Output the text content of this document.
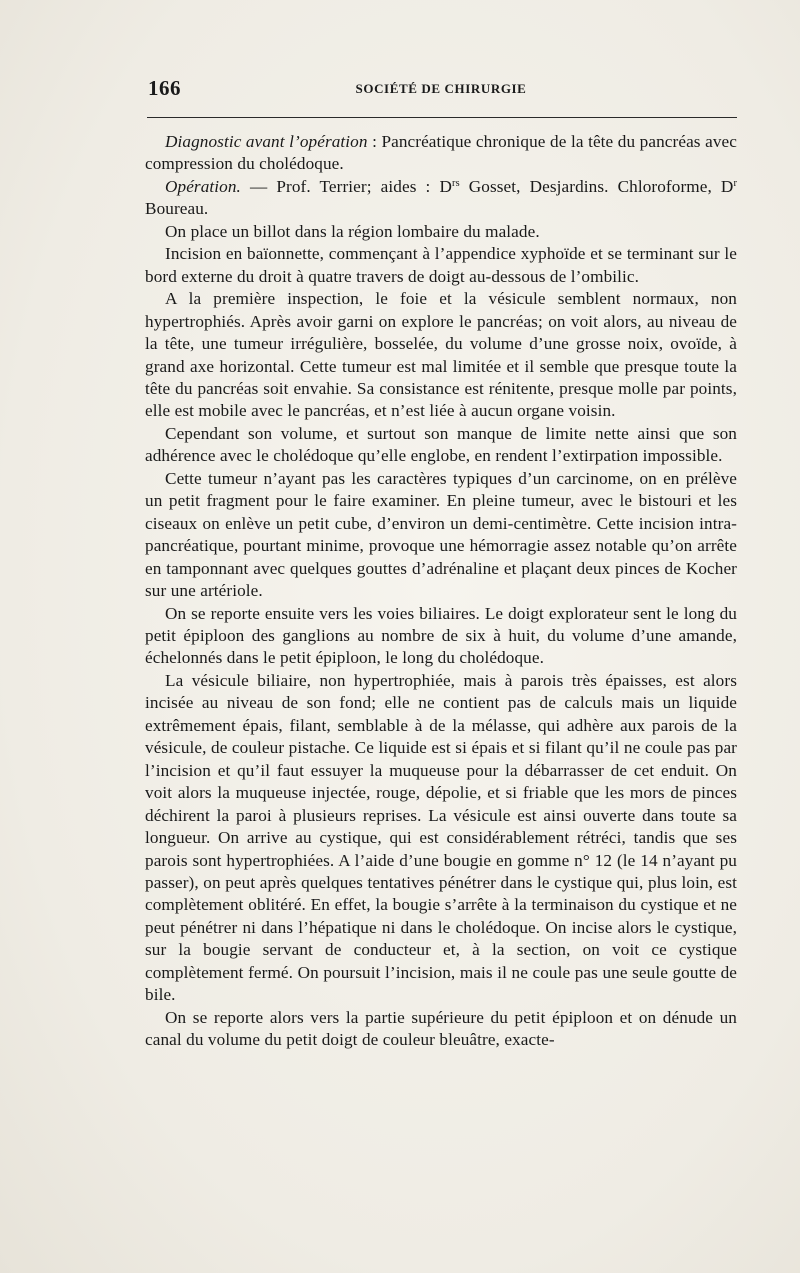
166	SOCIÉTÉ DE CHIRURGIE

Diagnostic avant l’opération : Pancréatique chronique de la tête du pancréas avec compression du cholédoque.

Opération. — Prof. Terrier; aides : $D^{rs}$ Gosset, Desjardins. Chloroforme, $D^r$ Boureau.

On place un billot dans la région lombaire du malade.

Incision en baïonnette, commençant à l’appendice xyphoïde et se terminant sur le bord externe du droit à quatre travers de doigt au-dessous de l’ombilic.

A la première inspection, le foie et la vésicule semblent normaux, non hypertrophiés. Après avoir garni on explore le pancréas; on voit alors, au niveau de la tête, une tumeur irrégulière, bosselée, du volume d’une grosse noix, ovoïde, à grand axe horizontal. Cette tumeur est mal limitée et il semble que presque toute la tête du pancréas soit envahie. Sa consistance est rénitente, presque molle par points, elle est mobile avec le pancréas, et n’est liée à aucun organe voisin.

Cependant son volume, et surtout son manque de limite nette ainsi que son adhérence avec le cholédoque qu’elle englobe, en rendent l’extirpation impossible.

Cette tumeur n’ayant pas les caractères typiques d’un carcinome, on en prélève un petit fragment pour le faire examiner. En pleine tumeur, avec le bistouri et les ciseaux on enlève un petit cube, d’environ un demi-centimètre. Cette incision intra-pancréatique, pourtant minime, provoque une hémorragie assez notable qu’on arrête en tamponnant avec quelques gouttes d’adrénaline et plaçant deux pinces de Kocher sur une artériole.

On se reporte ensuite vers les voies biliaires. Le doigt explorateur sent le long du petit épiploon des ganglions au nombre de six à huit, du volume d’une amande, échelonnés dans le petit épiploon, le long du cholédoque.

La vésicule biliaire, non hypertrophiée, mais à parois très épaisses, est alors incisée au niveau de son fond; elle ne contient pas de calculs mais un liquide extrêmement épais, filant, semblable à de la mélasse, qui adhère aux parois de la vésicule, de couleur pistache. Ce liquide est si épais et si filant qu’il ne coule pas par l’incision et qu’il faut essuyer la muqueuse pour la débarrasser de cet enduit. On voit alors la muqueuse injectée, rouge, dépolie, et si friable que les mors de pinces déchirent la paroi à plusieurs reprises. La vésicule est ainsi ouverte dans toute sa longueur. On arrive au cystique, qui est considérablement rétréci, tandis que ses parois sont hypertrophiées. A l’aide d’une bougie en gomme n° 12 (le 14 n’ayant pu passer), on peut après quelques tentatives pénétrer dans le cystique qui, plus loin, est complètement oblitéré. En effet, la bougie s’arrête à la terminaison du cystique et ne peut pénétrer ni dans l’hépatique ni dans le cholédoque. On incise alors le cystique, sur la bougie servant de conducteur et, à la section, on voit ce cystique complètement fermé. On poursuit l’incision, mais il ne coule pas une seule goutte de bile.

On se reporte alors vers la partie supérieure du petit épiploon et on dénude un canal du volume du petit doigt de couleur bleuâtre, exacte-
